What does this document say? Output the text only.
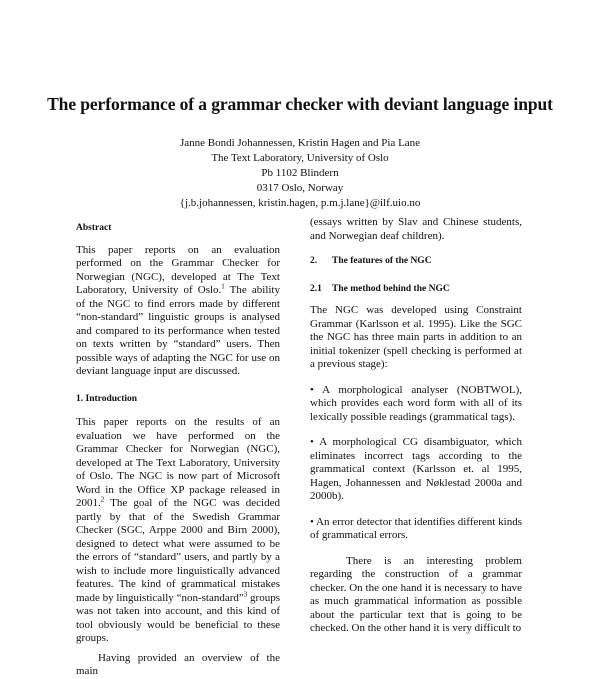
The performance of a grammar checker with deviant language input
Janne Bondi Johannessen, Kristin Hagen and Pia Lane
The Text Laboratory, University of Oslo
Pb 1102 Blindern
0317 Oslo, Norway
{j.b.johannessen, kristin.hagen, p.m.j.lane}@ilf.uio.no

Abstract

This paper reports on an evaluation performed on the Grammar Checker for Norwegian (NGC), developed at The Text Laboratory, University of Oslo.$^1$ The ability of the NGC to find errors made by different “non-standard” linguistic groups is analysed and compared to its performance when tested on texts written by “standard” users. Then possible ways of adapting the NGC for use on deviant language input are discussed.

1. Introduction

This paper reports on the results of an evaluation we have performed on the Grammar Checker for Norwegian (NGC), developed at The Text Laboratory, University of Oslo. The NGC is now part of Microsoft Word in the Office XP package released in 2001.$^2$ The goal of the NGC was decided partly by that of the Swedish Grammar Checker (SGC, Arppe 2000 and Birn 2000), designed to detect what were assumed to be the errors of “standard” users, and partly by a wish to include more linguistically advanced features. The kind of grammatical mistakes made by linguistically “non-standard”$^3$ groups was not taken into account, and this kind of tool obviously would be beneficial to these groups.

Having provided an overview of the main

(essays written by Slav and Chinese students, and Norwegian deaf children).

2. The features of the NGC

2.1 The method behind the NGC

The NGC was developed using Constraint Grammar (Karlsson et al. 1995). Like the SGC the NGC has three main parts in addition to an initial tokenizer (spell checking is performed at a previous stage):

• A morphological analyser (NOBTWOL), which provides each word form with all of its lexically possible readings (grammatical tags).

• A morphological CG disambiguator, which eliminates incorrect tags according to the grammatical context (Karlsson et. al 1995, Hagen, Johannessen and Nøklestad 2000a and 2000b).

• An error detector that identifies different kinds of grammatical errors.

There is an interesting problem regarding the construction of a grammar checker. On the one hand it is necessary to have as much grammatical information as possible about the particular text that is going to be checked. On the other hand it is very difficult to
